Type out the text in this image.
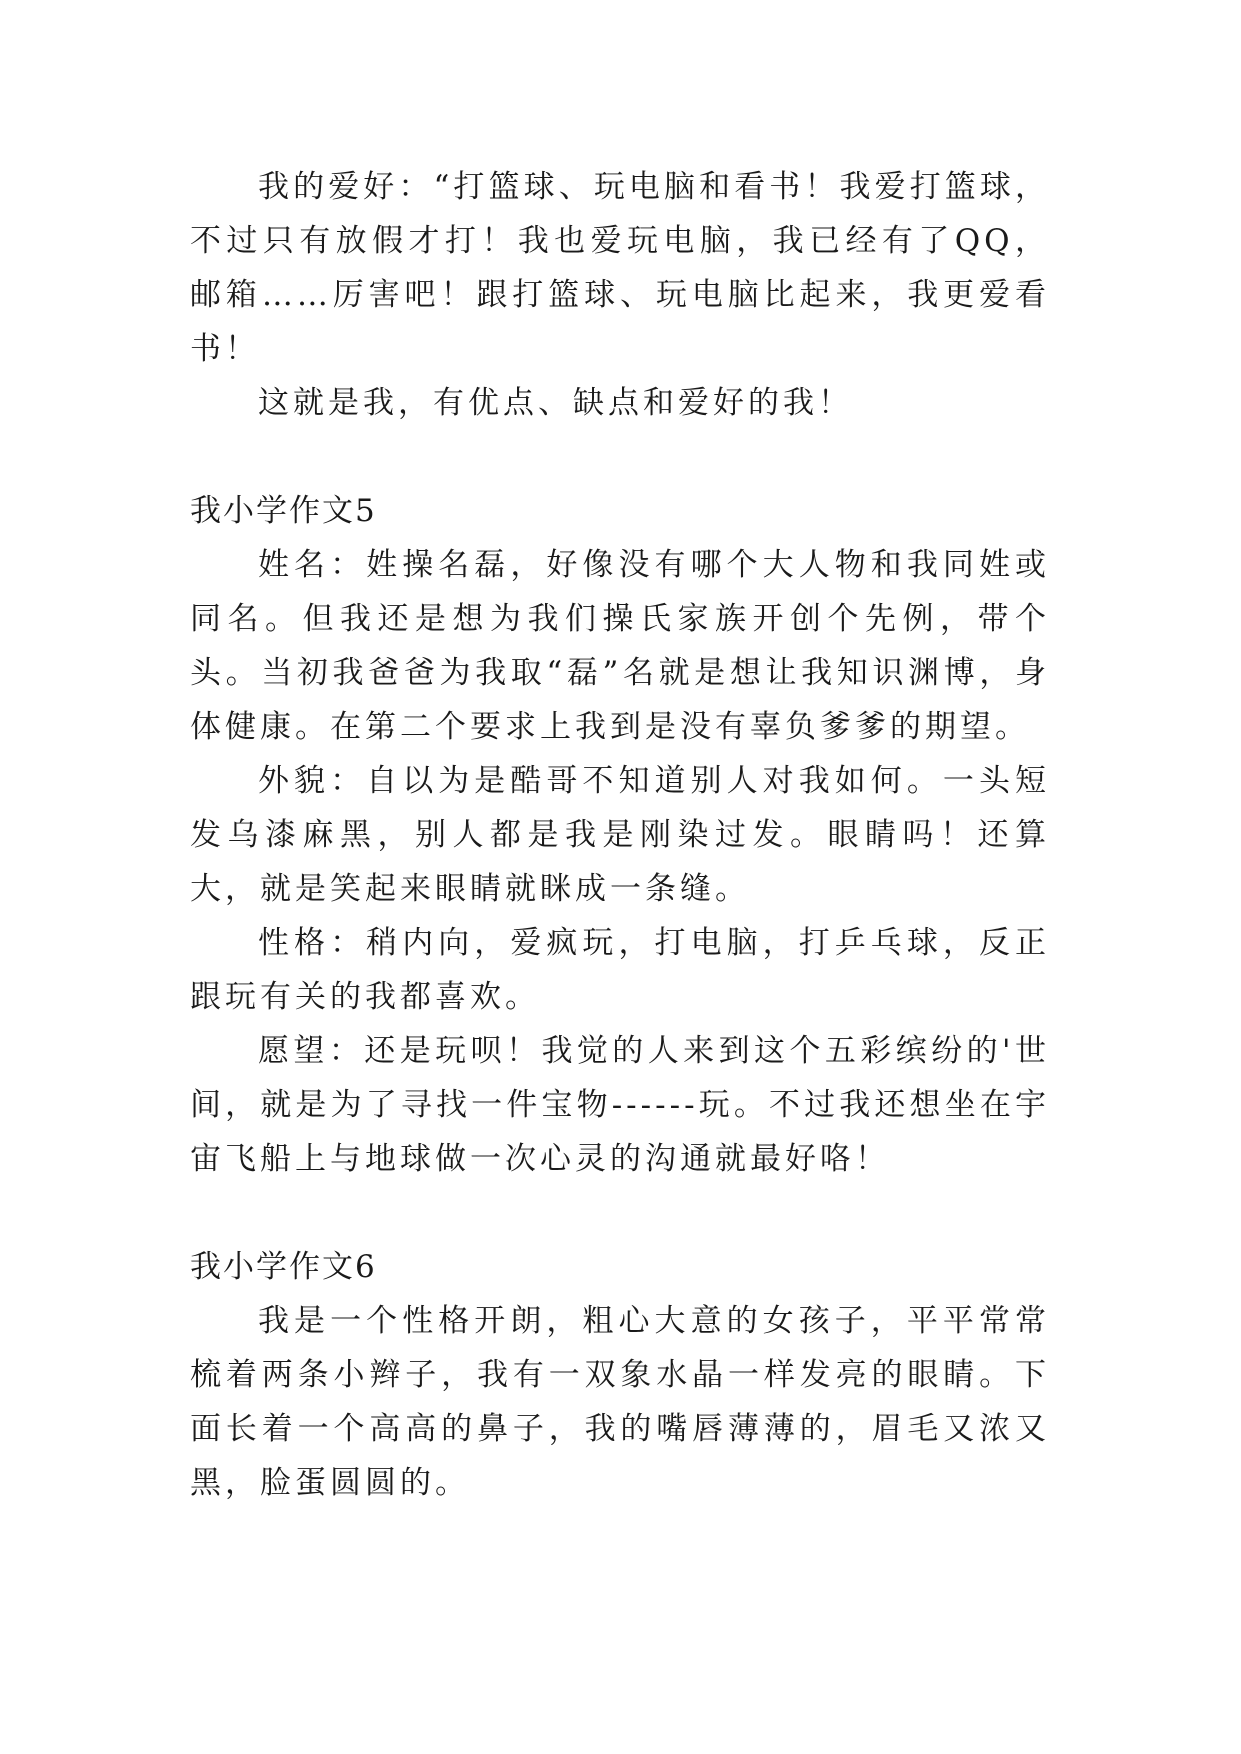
我的爱好：“打篮球、玩电脑和看书！我爱打篮球，不过只有放假才打！我也爱玩电脑，我已经有了QQ，邮箱……厉害吧！跟打篮球、玩电脑比起来，我更爱看书！

这就是我，有优点、缺点和爱好的我！

我小学作文5

姓名：姓操名磊，好像没有哪个大人物和我同姓或同名。但我还是想为我们操氏家族开创个先例，带个头。当初我爸爸为我取“磊”名就是想让我知识渊博，身体健康。在第二个要求上我到是没有辜负爹爹的期望。

外貌：自以为是酷哥不知道别人对我如何。一头短发乌漆麻黑，别人都是我是刚染过发。眼睛吗！还算大，就是笑起来眼睛就眯成一条缝。

性格：稍内向，爱疯玩，打电脑，打乒乓球，反正跟玩有关的我都喜欢。

愿望：还是玩呗！我觉的人来到这个五彩缤纷的'世间，就是为了寻找一件宝物------玩。不过我还想坐在宇宙飞船上与地球做一次心灵的沟通就最好咯！

我小学作文6

我是一个性格开朗，粗心大意的女孩子，平平常常梳着两条小辫子，我有一双象水晶一样发亮的眼睛。下面长着一个高高的鼻子，我的嘴唇薄薄的，眉毛又浓又黑，脸蛋圆圆的。
